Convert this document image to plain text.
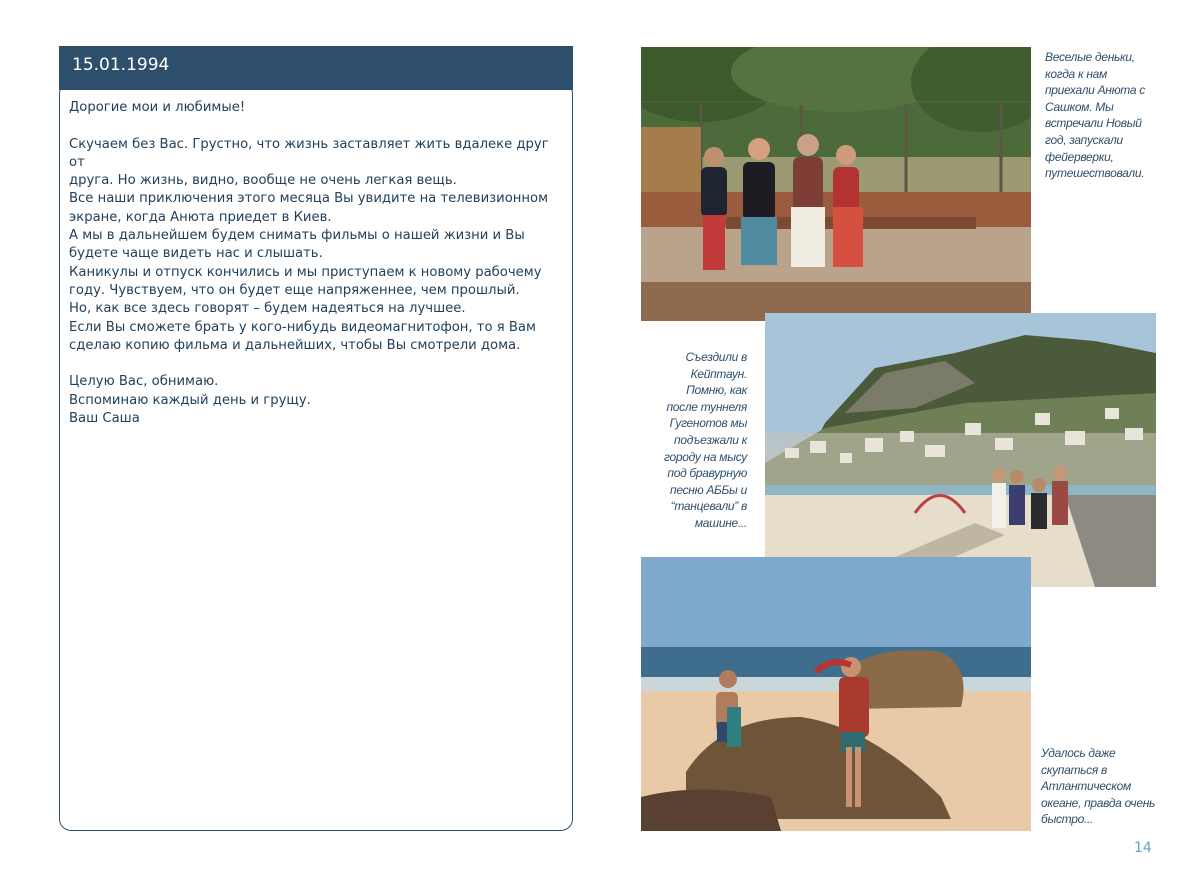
Дорогие мои и любимые!

Скучаем без Вас. Грустно, что жизнь заставляет жить вдалеке друг от

друга. Но жизнь, видно, вообще не очень легкая вещь.

Все наши приключения этого месяца Вы увидите на телевизионном

экране, когда Анюта приедет в Киев.

А мы в дальнейшем будем снимать фильмы о нашей жизни и Вы

будете чаще видеть нас и слышать.

Каникулы и отпуск кончились и мы приступаем к новому рабочему

году. Чувствуем, что он будет еще напряженнее, чем прошлый.

Но, как все здесь говорят – будем надеяться на лучшее.

Если Вы сможете брать у кого-нибудь видеомагнитофон, то я Вам

сделаю копию фильма и дальнейших, чтобы Вы смотрели дома.

Целую Вас, обнимаю.

Вспоминаю каждый день и грущу.

Ваш Саша

15.01.1994	Веселые деньки,
когда к нам
приехали Анюта с
Сашком. Мы
встречали Новый
год, запускали
фейерверки,
путешествовали.
Съездили в
Кейптаун.
Помню, как
после туннеля
Гугенотов мы
подъезжали к
городу на мысу
под бравурную
песню АББы и
“танцевали” в
машине...
Удалось даже
скупаться в
Атлантическом
океане, правда очень
быстро...
14
